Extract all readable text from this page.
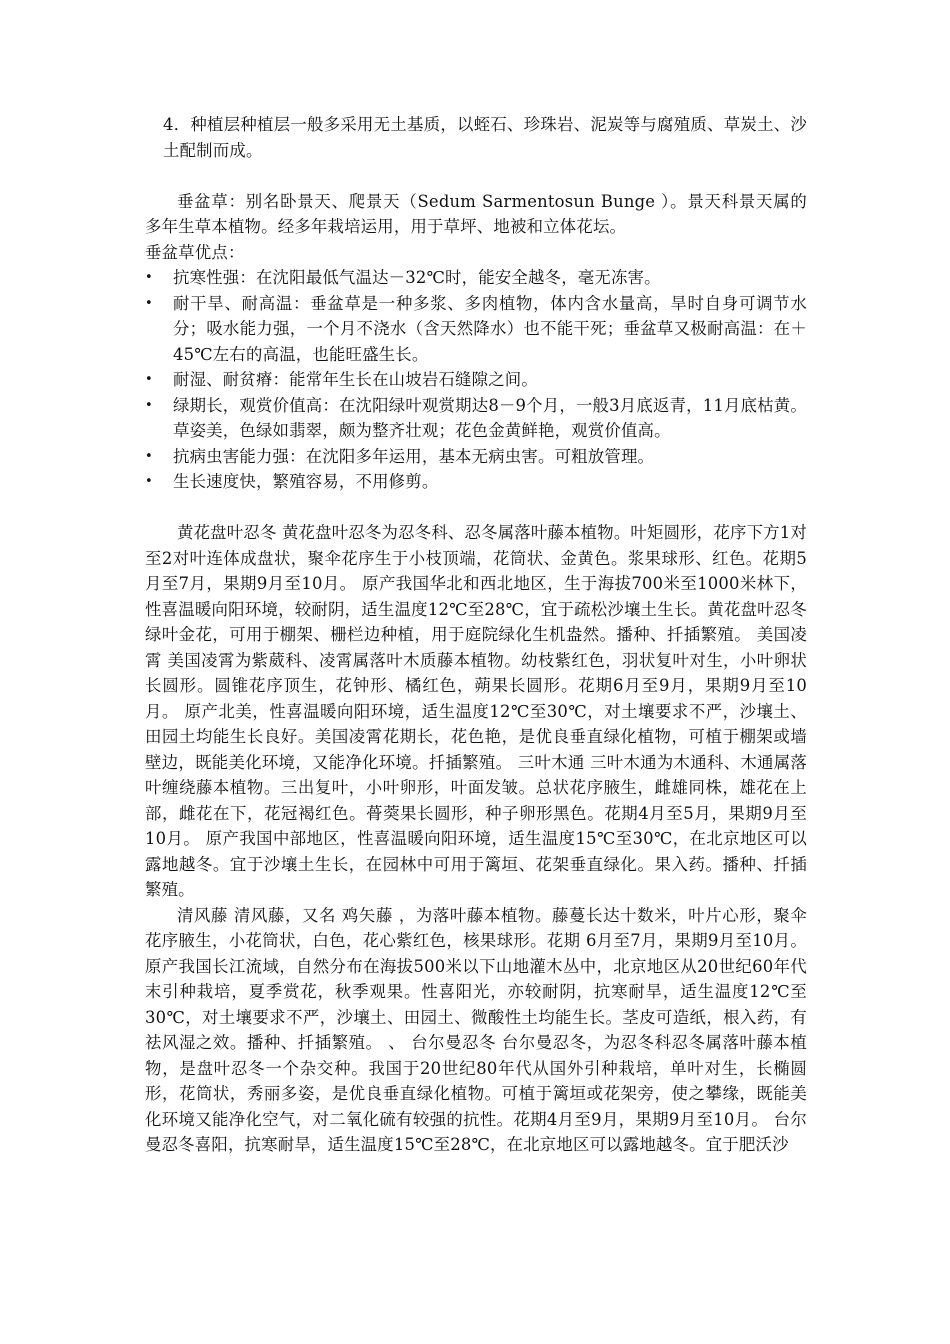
4．种植层种植层一般多采用无土基质，以蛭石、珍珠岩、泥炭等与腐殖质、草炭土、沙土配制而成。

垂盆草：别名卧景天、爬景天（Sedum Sarmentosun Bunge ）。景天科景天属的多年生草本植物。经多年栽培运用，用于草坪、地被和立体花坛。

垂盆草优点：

• 抗寒性强：在沈阳最低气温达－32℃时，能安全越冬，毫无冻害。
• 耐干旱、耐高温：垂盆草是一种多浆、多肉植物，体内含水量高，旱时自身可调节水分；吸水能力强，一个月不浇水（含天然降水）也不能干死；垂盆草又极耐高温：在＋45℃左右的高温，也能旺盛生长。
• 耐湿、耐贫瘠：能常年生长在山坡岩石缝隙之间。
• 绿期长，观赏价值高：在沈阳绿叶观赏期达8－9个月，一般3月底返青，11月底枯黄。草姿美，色绿如翡翠，颇为整齐壮观；花色金黄鲜艳，观赏价值高。
• 抗病虫害能力强：在沈阳多年运用，基本无病虫害。可粗放管理。
• 生长速度快，繁殖容易，不用修剪。

黄花盘叶忍冬 黄花盘叶忍冬为忍冬科、忍冬属落叶藤本植物。叶矩圆形，花序下方1对至2对叶连体成盘状，聚伞花序生于小枝顶端，花筒状、金黄色。浆果球形、红色。花期5月至7月，果期9月至10月。 原产我国华北和西北地区，生于海拔700米至1000米林下，性喜温暖向阳环境，较耐阴，适生温度12℃至28℃，宜于疏松沙壤土生长。黄花盘叶忍冬绿叶金花，可用于棚架、栅栏边种植，用于庭院绿化生机盎然。播种、扦插繁殖。 美国凌霄 美国凌霄为紫葳科、凌霄属落叶木质藤本植物。幼枝紫红色，羽状复叶对生，小叶卵状长圆形。圆锥花序顶生，花钟形、橘红色，蒴果长圆形。花期6月至9月，果期9月至10月。 原产北美，性喜温暖向阳环境，适生温度12℃至30℃，对土壤要求不严，沙壤土、田园土均能生长良好。美国凌霄花期长，花色艳，是优良垂直绿化植物，可植于棚架或墙壁边，既能美化环境，又能净化环境。扦插繁殖。 三叶木通 三叶木通为木通科、木通属落叶缠绕藤本植物。三出复叶，小叶卵形，叶面发皱。总状花序腋生，雌雄同株，雄花在上部，雌花在下，花冠褐红色。蓇葖果长圆形，种子卵形黑色。花期4月至5月，果期9月至10月。 原产我国中部地区，性喜温暖向阳环境，适生温度15℃至30℃，在北京地区可以露地越冬。宜于沙壤土生长，在园林中可用于篱垣、花架垂直绿化。果入药。播种、扦插繁殖。

清风藤 清风藤，又名 鸡矢藤 ，为落叶藤本植物。藤蔓长达十数米，叶片心形，聚伞花序腋生，小花筒状，白色，花心紫红色，核果球形。花期 6月至7月，果期9月至10月。 原产我国长江流域，自然分布在海拔500米以下山地灌木丛中，北京地区从20世纪60年代末引种栽培，夏季赏花，秋季观果。性喜阳光，亦较耐阴，抗寒耐旱，适生温度12℃至30℃，对土壤要求不严，沙壤土、田园土、微酸性土均能生长。茎皮可造纸，根入药，有祛风湿之效。播种、扦插繁殖。 、 台尔曼忍冬 台尔曼忍冬，为忍冬科忍冬属落叶藤本植物，是盘叶忍冬一个杂交种。我国于20世纪80年代从国外引种栽培，单叶对生，长椭圆形，花筒状，秀丽多姿，是优良垂直绿化植物。可植于篱垣或花架旁，使之攀缘，既能美化环境又能净化空气，对二氧化硫有较强的抗性。花期4月至9月，果期9月至10月。 台尔曼忍冬喜阳，抗寒耐旱，适生温度15℃至28℃，在北京地区可以露地越冬。宜于肥沃沙
